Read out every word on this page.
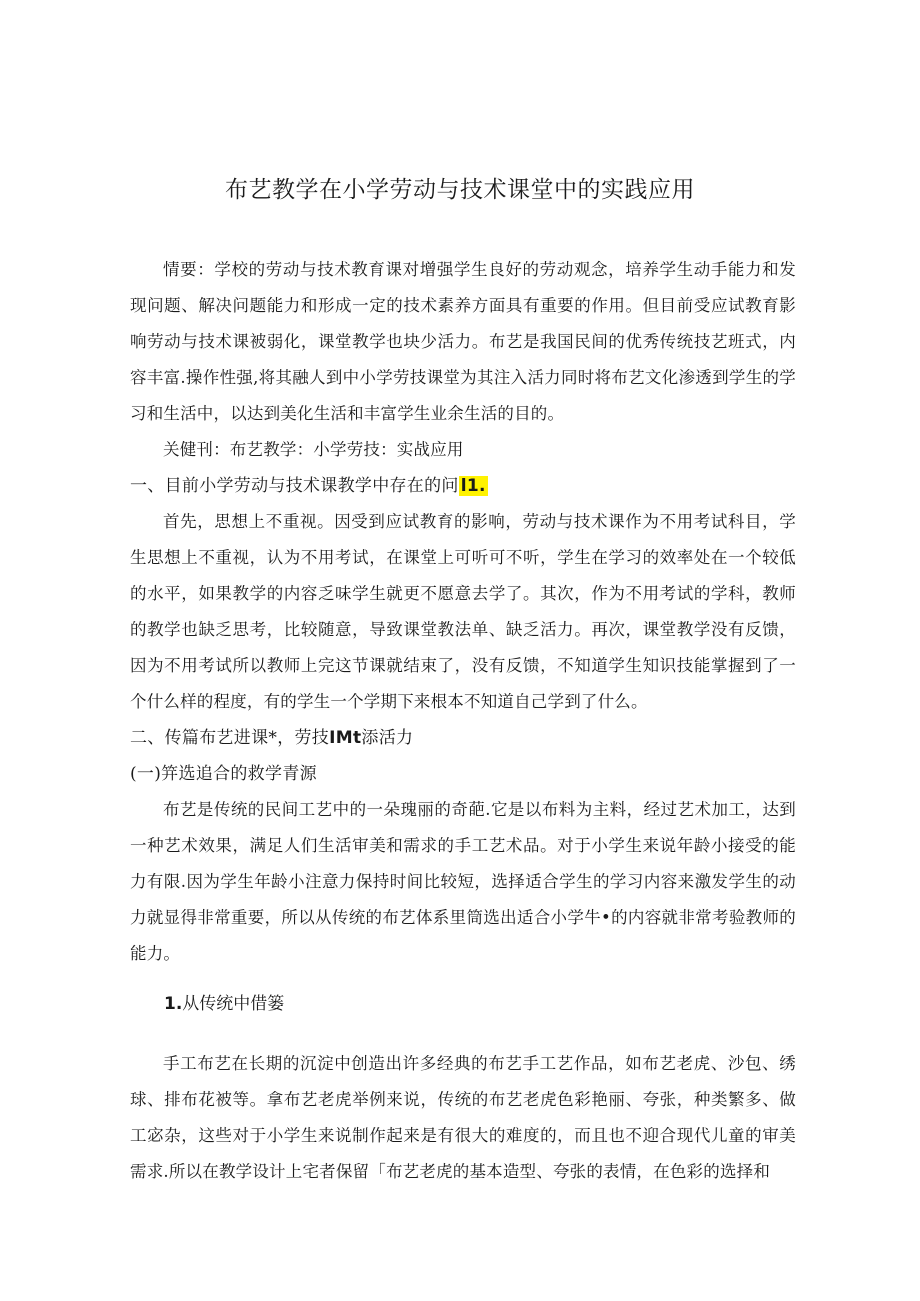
布艺教学在小学劳动与技术课堂中的实践应用

情要：学校的劳动与技术教育课对增强学生良好的劳动观念，培养学生动手能力和发现问题、解决问题能力和形成一定的技术素养方面具有重要的作用。但目前受应试教育影响劳动与技术课被弱化，课堂教学也块少活力。布艺是我国民间的优秀传统技艺班式，内容丰富.操作性强,将其融人到中小学劳技课堂为其注入活力同时将布艺文化渗透到学生的学习和生活中，以达到美化生活和丰富学生业余生活的目的。

关健刊：布艺教学：小学劳技：实战应用

一、目前小学劳动与技术课教学中存在的问 l1.

首先，思想上不重视。因受到应试教育的影响，劳动与技术课作为不用考试科目，学生思想上不重视，认为不用考试，在课堂上可听可不听，学生在学习的效率处在一个较低的水平，如果教学的内容乏味学生就更不愿意去学了。其次，作为不用考试的学科，教师的教学也缺乏思考，比较随意，导致课堂教法单、缺乏活力。再次，课堂教学没有反馈，因为不用考试所以教师上完这节课就结束了，没有反馈，不知道学生知识技能掌握到了一个什么样的程度，有的学生一个学期下来根本不知道自己学到了什么。

二、传篇布艺进课*，劳技IMt添活力

(一)笄选追合的救学青源

布艺是传统的民间工艺中的一朵瑰丽的奇葩.它是以布料为主料，经过艺术加工，达到一种艺术效果，满足人们生活审美和需求的手工艺术品。对于小学生来说年龄小接受的能力有限.因为学生年龄小注意力保持时间比较短，选择适合学生的学习内容来激发学生的动力就显得非常重要，所以从传统的布艺体系里筒选出适合小学牛•的内容就非常考验教师的能力。

1.从传统中借篓

手工布艺在长期的沉淀中创造出许多经典的布艺手工艺作品，如布艺老虎、沙包、绣球、排布花被等。拿布艺老虎举例来说，传统的布艺老虎色彩艳丽、夸张，种类繁多、做工宓杂，这些对于小学生来说制作起来是有很大的难度的，而且也不迎合现代儿童的审美需求.所以在教学设计上宅者保留「布艺老虎的基本造型、夸张的表情，在色彩的选择和
